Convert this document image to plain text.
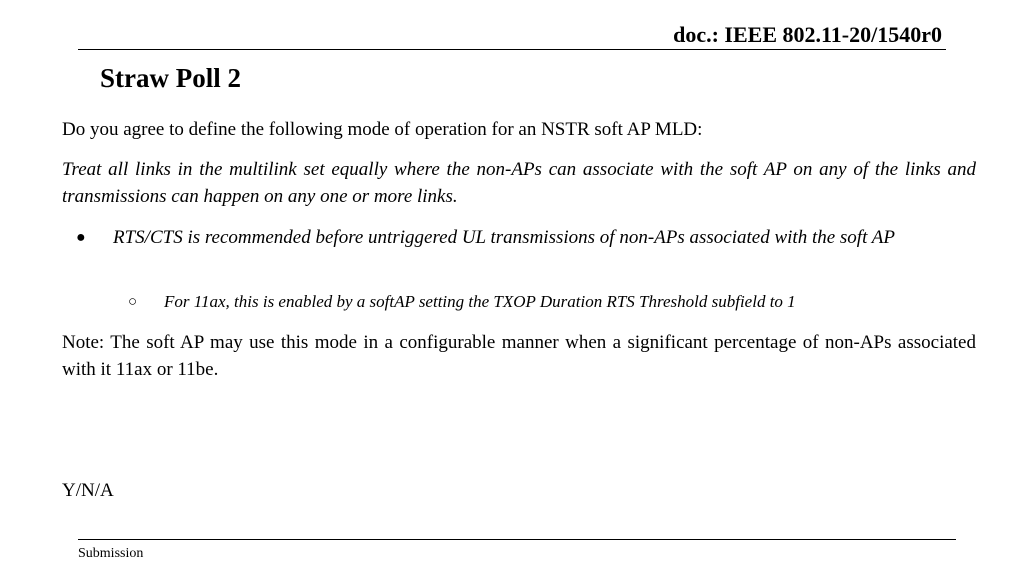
doc.: IEEE 802.11-20/1540r0
Straw Poll 2

Do you agree to define the following mode of operation for an NSTR soft AP MLD:

Treat all links in the multilink set equally where the non-APs can associate with the soft AP on any of the links and transmissions can happen on any one or more links.

● RTS/CTS is recommended before untriggered UL transmissions of non-APs associated with the soft AP
○ For 11ax, this is enabled by a softAP setting the TXOP Duration RTS Threshold subfield to 1

Note: The soft AP may use this mode in a configurable manner when a significant percentage of non-APs associated with it 11ax or 11be.

Y/N/A
Submission
